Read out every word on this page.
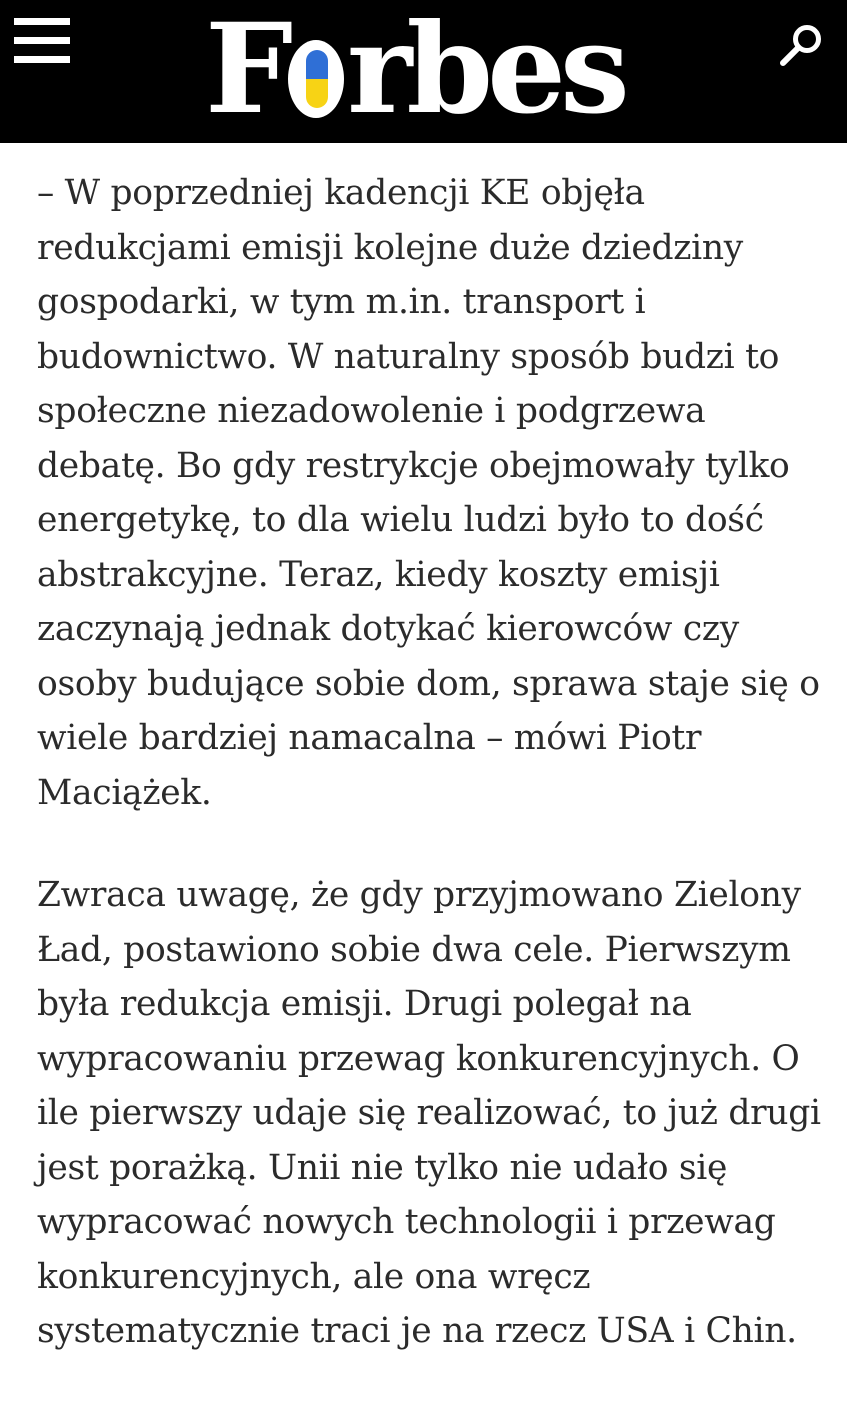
F rbes

– W poprzedniej kadencji KE objęła redukcjami emisji kolejne duże dziedziny gospodarki, w tym m.in. transport i budownictwo. W naturalny sposób budzi to społeczne niezadowolenie i podgrzewa debatę. Bo gdy restrykcje obejmowały tylko energetykę, to dla wielu ludzi było to dość abstrakcyjne. Teraz, kiedy koszty emisji zaczynają jednak dotykać kierowców czy osoby budujące sobie dom, sprawa staje się o wiele bardziej namacalna – mówi Piotr Maciążek.

Zwraca uwagę, że gdy przyjmowano Zielony Ład, postawiono sobie dwa cele. Pierwszym była redukcja emisji. Drugi polegał na wypracowaniu przewag konkurencyjnych. O ile pierwszy udaje się realizować, to już drugi jest porażką. Unii nie tylko nie udało się wypracować nowych technologii i przewag konkurencyjnych, ale ona wręcz systematycznie traci je na rzecz USA i Chin.
